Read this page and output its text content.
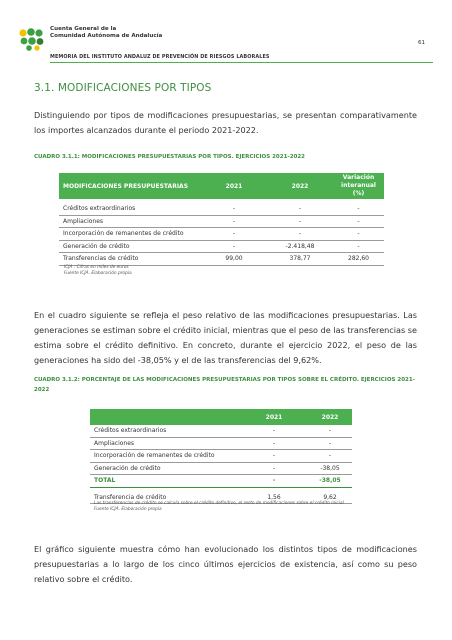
Cuenta General de la
Comunidad Autónoma de Andalucía
MEMORIA DEL INSTITUTO ANDALUZ DE PREVENCIÓN DE RIESGOS LABORALES
61
3.1. MODIFICACIONES POR TIPOS

Distinguiendo por tipos de modificaciones presupuestarias, se presentan comparativamente los importes alcanzados durante el periodo 2021-2022.

CUADRO 3.1.1: MODIFICACIONES PRESUPUESTARIAS POR TIPOS. EJERCICIOS 2021-2022

MODIFICACIONES PRESUPUESTARIAS	2021	2022	Variación interanual (%)

Créditos extraordinarios	-	-	-
Ampliaciones	-	-	-
Incorporación de remanentes de crédito	-	-	-
Generación de crédito	-	-2.418,48	-
Transferencias de crédito	99,00	378,77	282,60
ICJA : Cifras en miles de euros
Fuente ICJA. Elaboración propia

En el cuadro siguiente se refleja el peso relativo de las modificaciones presupuestarias. Las generaciones se estiman sobre el crédito inicial, mientras que el peso de las transferencias se estima sobre el crédito definitivo. En concreto, durante el ejercicio 2022, el peso de las generaciones ha sido del -38,05% y el de las transferencias del 9,62%.

CUADRO 3.1.2: PORCENTAJE DE LAS MODIFICACIONES PRESUPUESTARIAS POR TIPOS SOBRE EL CRÉDITO. EJERCICIOS 2021-2022

	2021	2022
Créditos extraordinarios	-	-
Ampliaciones	-	-
Incorporación de remanentes de crédito	-	-
Generación de crédito	-	-38,05
TOTAL	-	-38,05

Transferencia de crédito	1,56	9,62
Las transferencias de crédito se calcula sobre el crédito definitivo, el resto de modificaciones sobre el crédito inicial
Fuente ICJA. Elaboración propia

El gráfico siguiente muestra cómo han evolucionado los distintos tipos de modificaciones presupuestarias a lo largo de los cinco últimos ejercicios de existencia, así como su peso relativo sobre el crédito.
